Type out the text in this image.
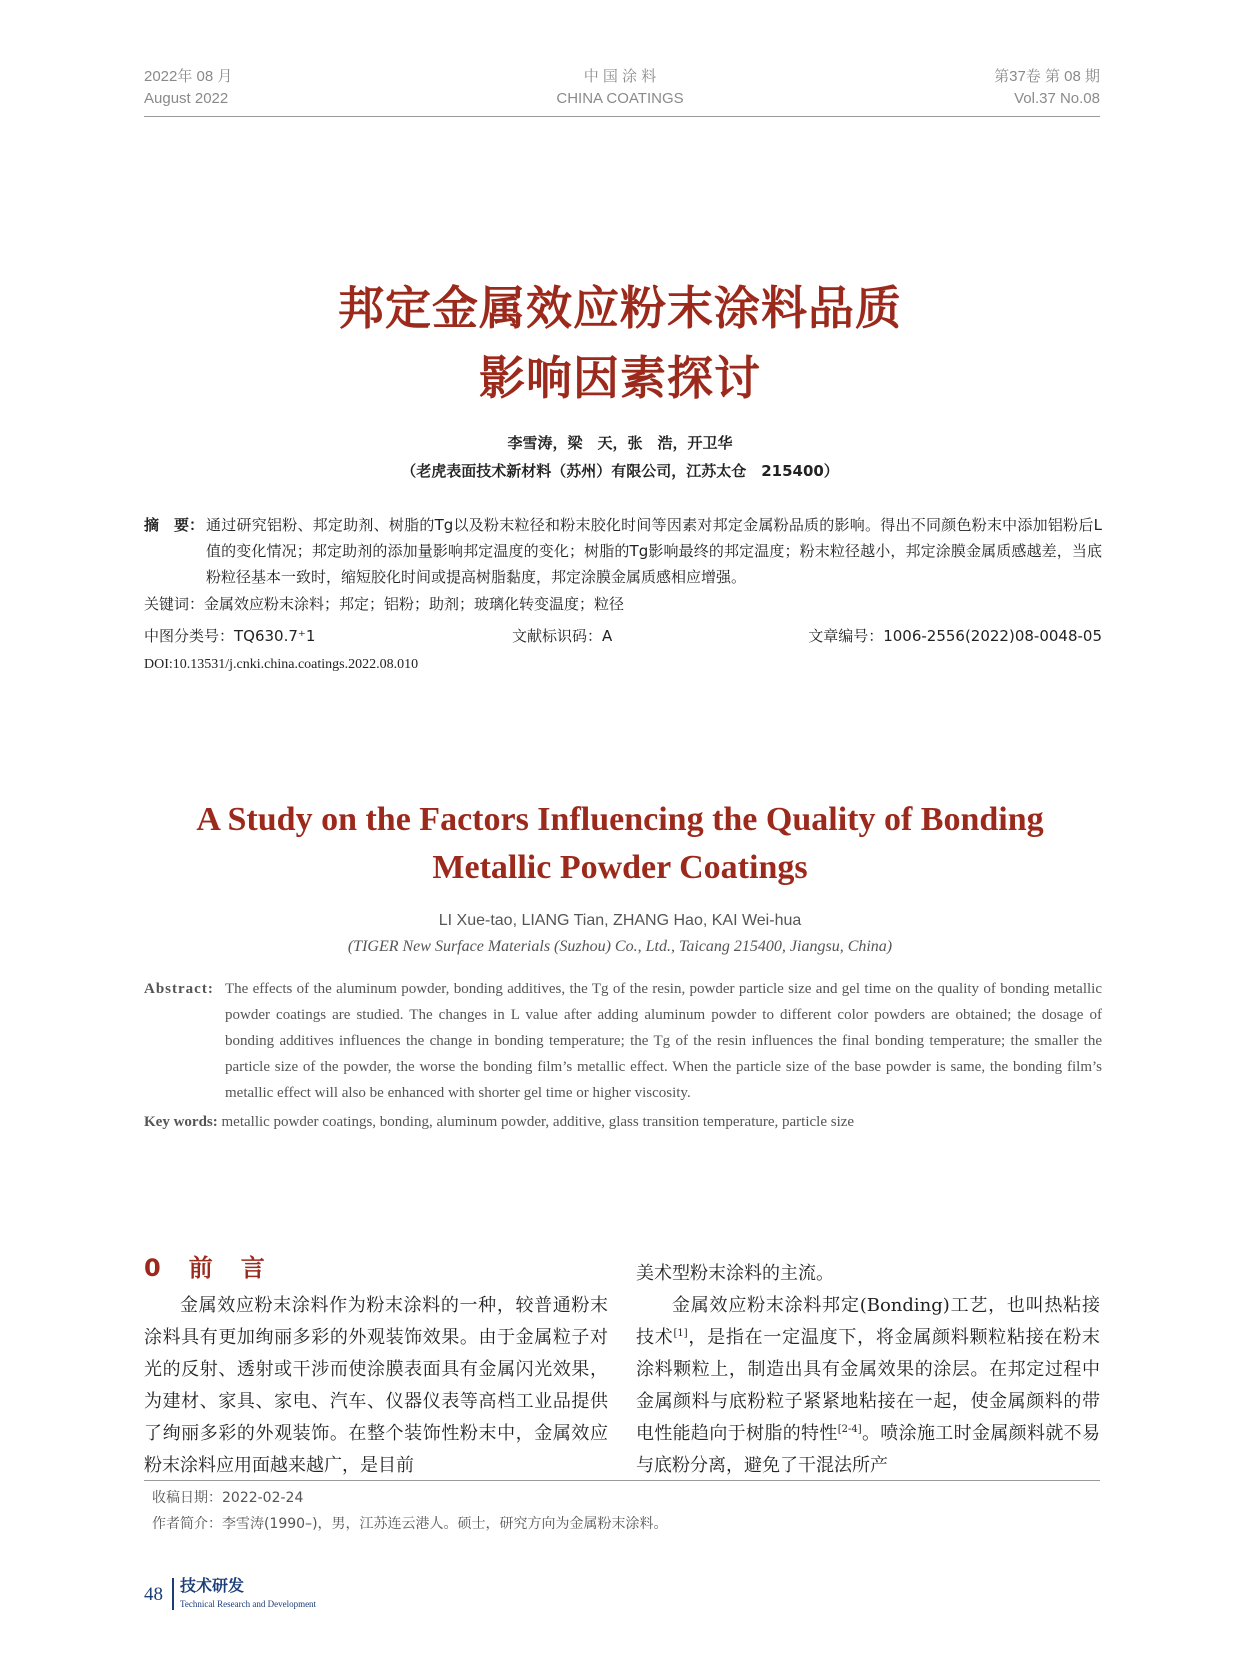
2022年 08 月
August 2022
中 国 涂 料
CHINA COATINGS
第37卷 第 08 期
Vol.37 No.08
邦定金属效应粉末涂料品质
影响因素探讨
李雪涛，梁　天，张　浩，开卫华
（老虎表面技术新材料（苏州）有限公司，江苏太仓　215400）
摘　要： 通过研究铝粉、邦定助剂、树脂的Tg以及粉末粒径和粉末胶化时间等因素对邦定金属粉品质的影响。得出不同颜色粉末中添加铝粉后L值的变化情况；邦定助剂的添加量影响邦定温度的变化；树脂的Tg影响最终的邦定温度；粉末粒径越小，邦定涂膜金属质感越差，当底粉粒径基本一致时，缩短胶化时间或提高树脂黏度，邦定涂膜金属质感相应增强。
关键词：金属效应粉末涂料；邦定；铝粉；助剂；玻璃化转变温度；粒径
中图分类号：TQ630.7⁺1	文献标识码：A	文章编号：1006-2556(2022)08-0048-05
DOI:10.13531/j.cnki.china.coatings.2022.08.010
A Study on the Factors Influencing the Quality of Bonding
Metallic Powder Coatings
LI Xue-tao, LIANG Tian, ZHANG Hao, KAI Wei-hua
(TIGER New Surface Materials (Suzhou) Co., Ltd., Taicang 215400, Jiangsu, China)
Abstract: The effects of the aluminum powder, bonding additives, the Tg of the resin, powder particle size and gel time on the quality of bonding metallic powder coatings are studied. The changes in L value after adding aluminum powder to different color powders are obtained; the dosage of bonding additives influences the change in bonding temperature; the Tg of the resin influences the final bonding temperature; the smaller the particle size of the powder, the worse the bonding film’s metallic effect. When the particle size of the base powder is same, the bonding film’s metallic effect will also be enhanced with shorter gel time or higher viscosity.
Key words: metallic powder coatings, bonding, aluminum powder, additive, glass transition temperature, particle size
0　前　言

金属效应粉末涂料作为粉末涂料的一种，较普通粉末涂料具有更加绚丽多彩的外观装饰效果。由于金属粒子对光的反射、透射或干涉而使涂膜表面具有金属闪光效果，为建材、家具、家电、汽车、仪器仪表等高档工业品提供了绚丽多彩的外观装饰。在整个装饰性粉末中，金属效应粉末涂料应用面越来越广，是目前

美术型粉末涂料的主流。

金属效应粉末涂料邦定(Bonding)工艺，也叫热粘接技术[1]，是指在一定温度下，将金属颜料颗粒粘接在粉末涂料颗粒上，制造出具有金属效果的涂层。在邦定过程中金属颜料与底粉粒子紧紧地粘接在一起，使金属颜料的带电性能趋向于树脂的特性[2-4]。喷涂施工时金属颜料就不易与底粉分离，避免了干混法所产

收稿日期：2022-02-24
作者简介：李雪涛(1990–)，男，江苏连云港人。硕士，研究方向为金属粉末涂料。
48 技术研发
Technical Research and Development
